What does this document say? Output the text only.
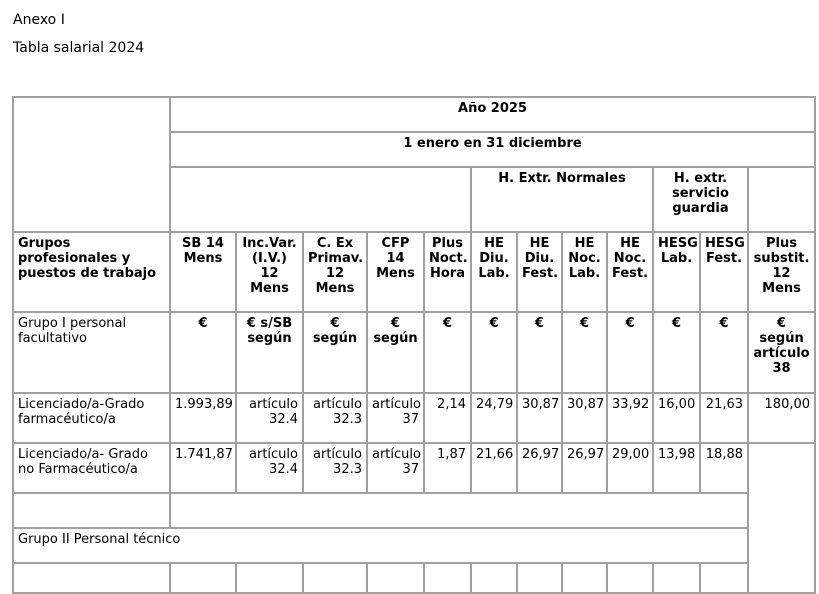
Anexo I

Tabla salarial 2024

	Año 2025											
	1 enero en 31 diciembre											
						H. Extr. Normales				H. extr. servicio guardia		
Grupos profesionales y puestos de trabajo	SB 14 Mens	Inc.Var. (I.V.) 12 Mens	C. Ex Primav. 12 Mens	CFP 14 Mens	Plus Noct. Hora	HE Diu. Lab.	HE Diu. Fest.	HE Noc. Lab.	HE Noc. Fest.	HESG Lab.	HESG Fest.	Plus substit. 12 Mens
Grupo I personal facultativo	€	€ s/SB según	€ según	€ según	€	€	€	€	€	€	€	€ según artículo 38
Licenciado/a-Grado farmacéutico/a	1.993,89	artículo 32.4	artículo 32.3	artículo 37	2,14	24,79	30,87	30,87	33,92	16,00	21,63	180,00
Licenciado/a- Grado no Farmacéutico/a	1.741,87	artículo 32.4	artículo 32.3	artículo 37	1,87	21,66	26,97	26,97	29,00	13,98	18,88	

Grupo II Personal técnico												
